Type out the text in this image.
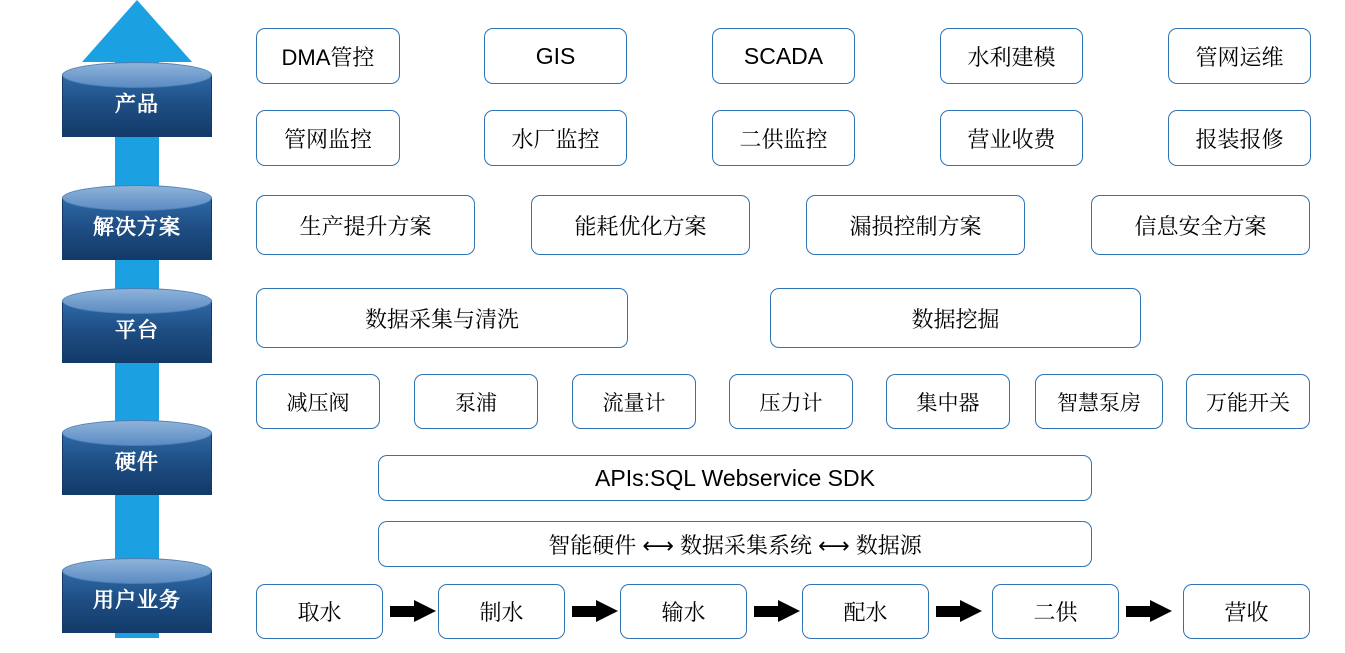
产品
解决方案
平台
硬件
用户业务
DMA管控	GIS	SCADA	水利建模	管网运维
管网监控	水厂监控	二供监控	营业收费	报装报修
生产提升方案	能耗优化方案	漏损控制方案	信息安全方案
数据采集与清洗	数据挖掘
减压阀	泵浦	流量计	压力计	集中器	智慧泵房	万能开关
APIs:SQL Webservice SDK
智能硬件 ⟷ 数据采集系统 ⟷ 数据源
取水	制水	输水	配水	二供	营收
